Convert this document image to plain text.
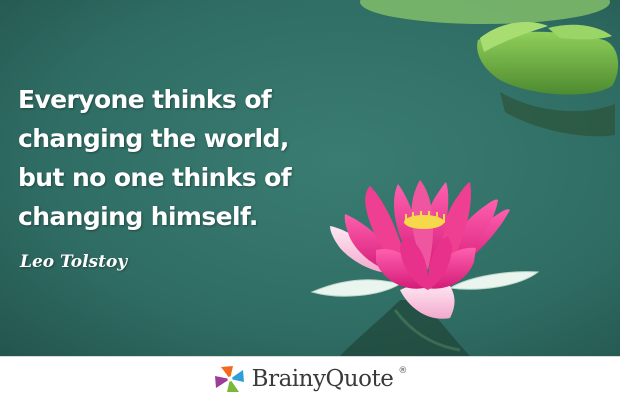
Everyone thinks of
changing the world,
but no one thinks of
changing himself.

Leo Tolstoy

BrainyQuote ®
